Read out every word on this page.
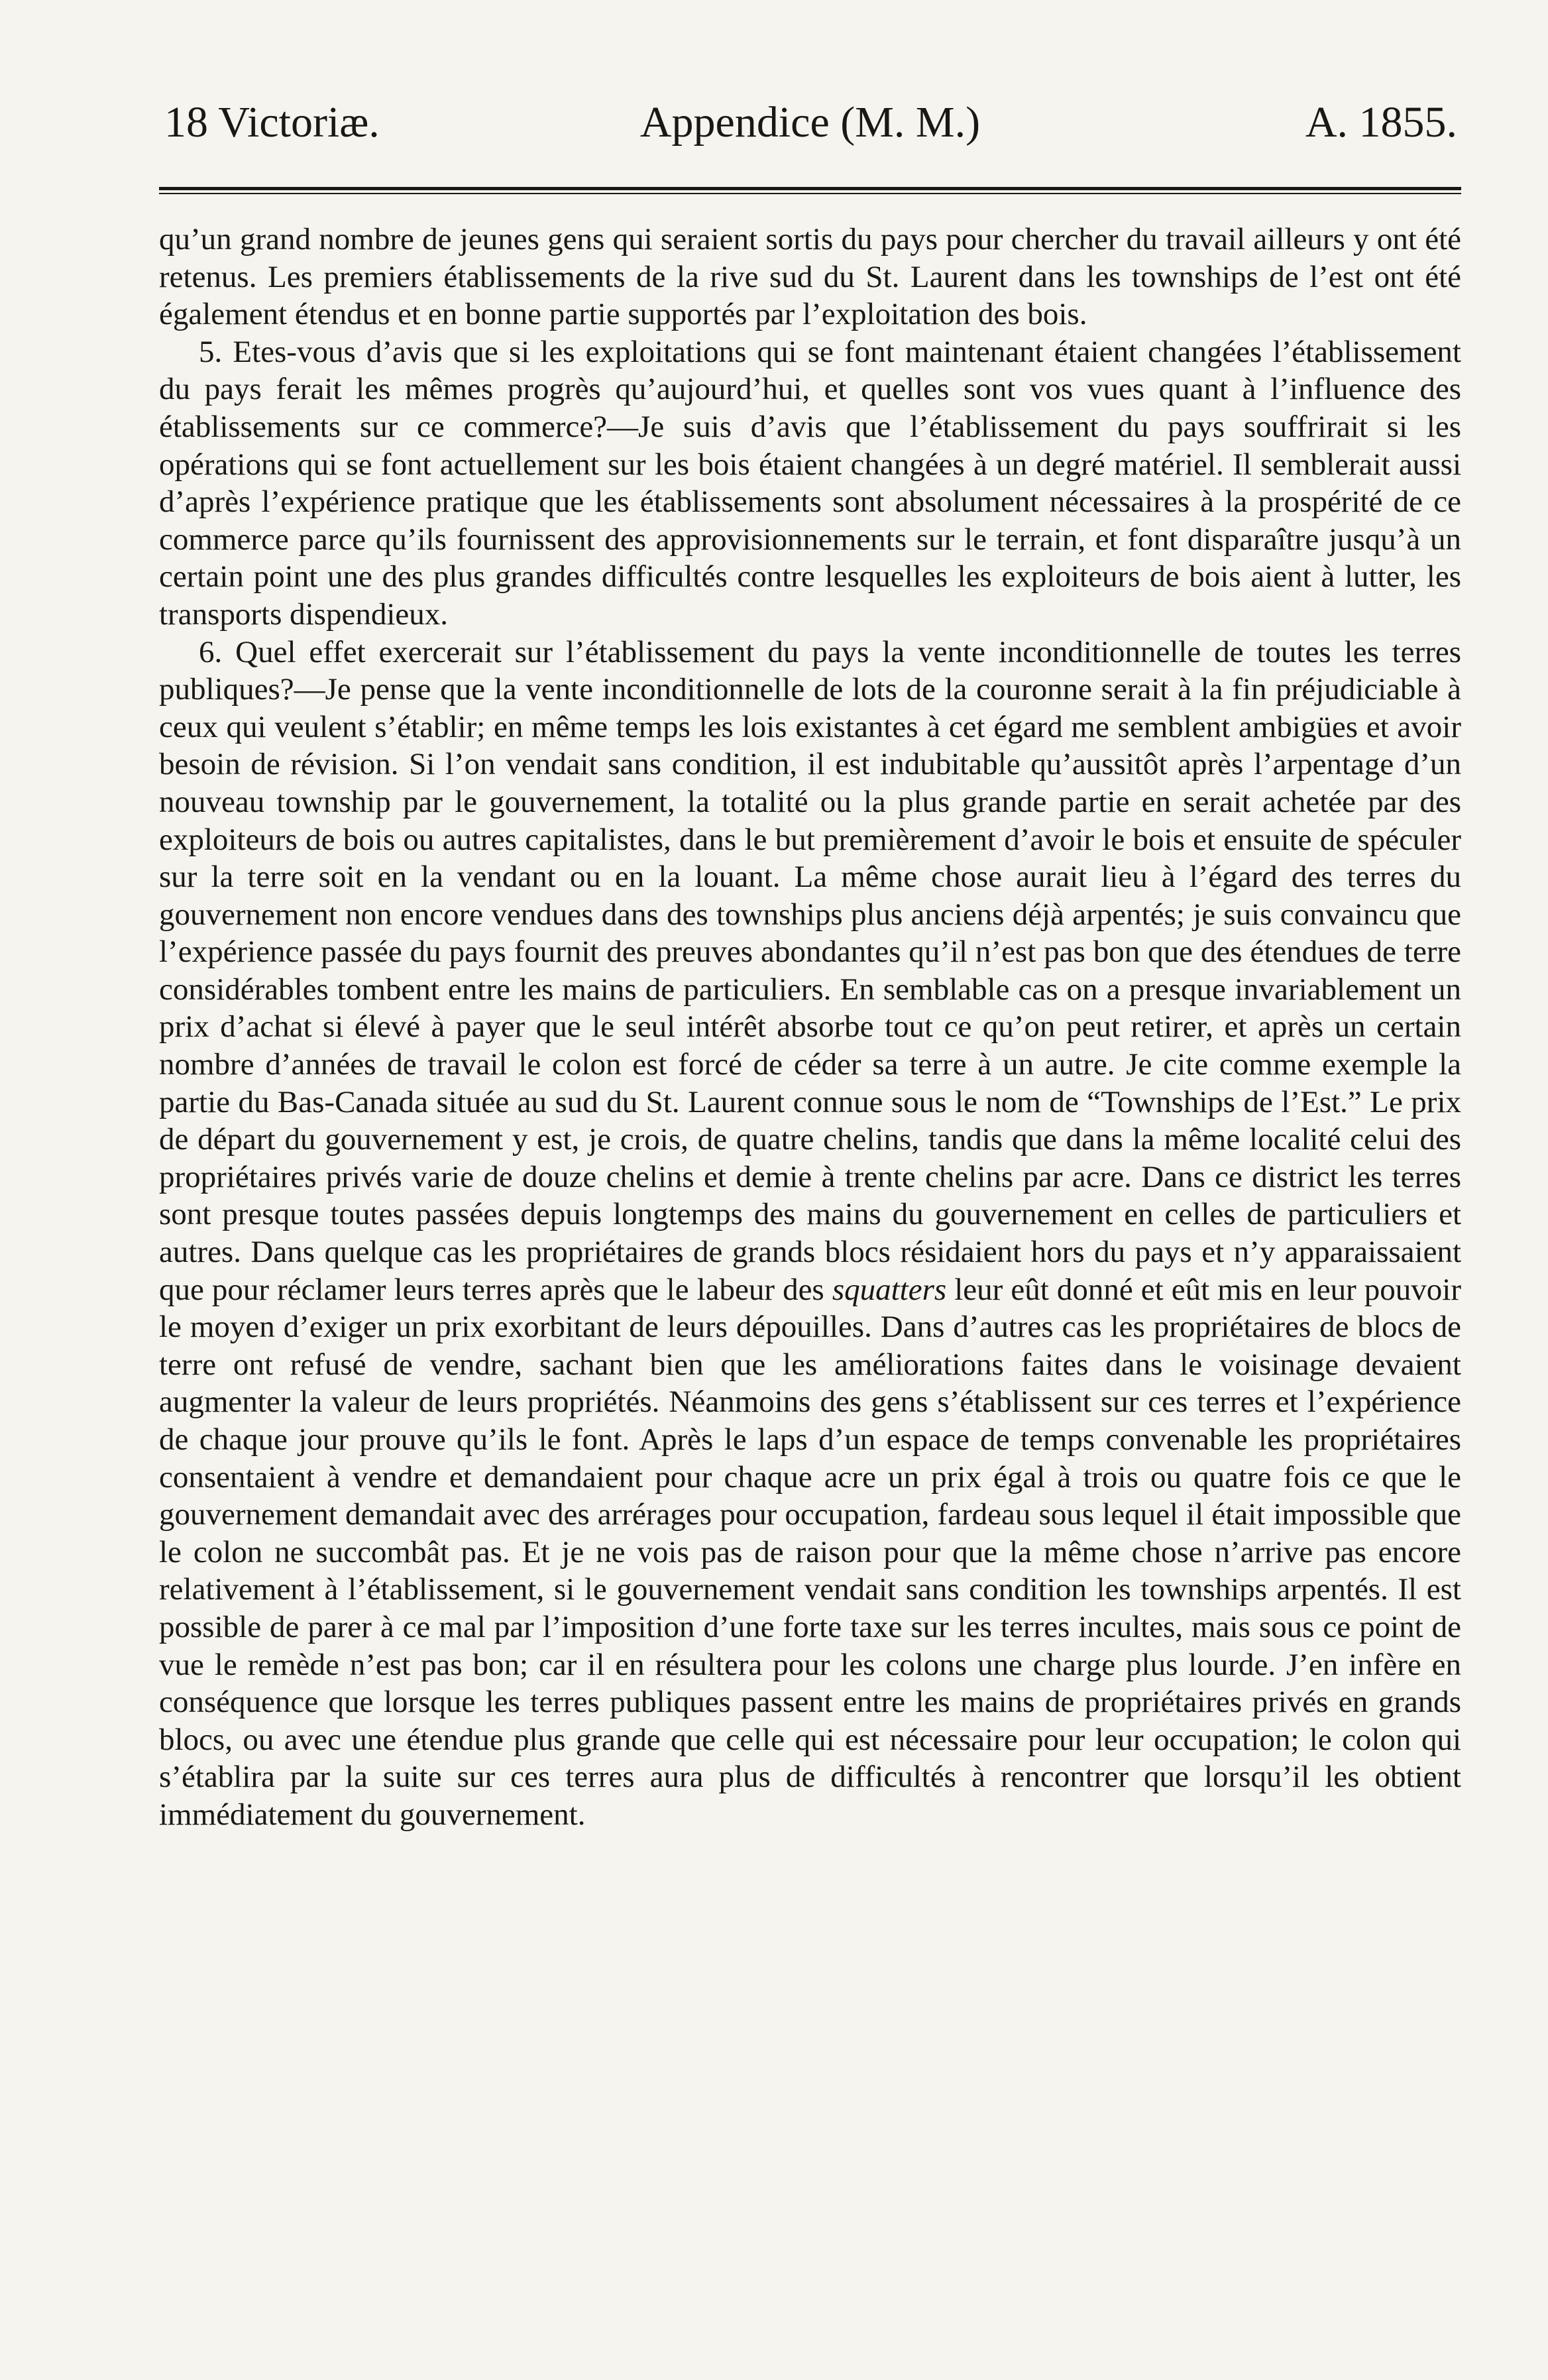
18 Victoriæ.	Appendice (M. M.)	A. 1855.

qu’un grand nombre de jeunes gens qui seraient sortis du pays pour chercher du travail ailleurs y ont été retenus. Les premiers établissements de la rive sud du St. Laurent dans les townships de l’est ont été également étendus et en bonne partie supportés par l’exploitation des bois.

5. Etes-vous d’avis que si les exploitations qui se font maintenant étaient changées l’établissement du pays ferait les mêmes progrès qu’aujourd’hui, et quelles sont vos vues quant à l’influence des établissements sur ce commerce?—Je suis d’avis que l’établissement du pays souffrirait si les opérations qui se font actuellement sur les bois étaient changées à un degré matériel. Il semblerait aussi d’après l’expérience pratique que les établissements sont absolument nécessaires à la prospérité de ce commerce parce qu’ils fournissent des approvisionnements sur le terrain, et font disparaître jusqu’à un certain point une des plus grandes difficultés contre lesquelles les exploiteurs de bois aient à lutter, les transports dispendieux.

6. Quel effet exercerait sur l’établissement du pays la vente inconditionnelle de toutes les terres publiques?—Je pense que la vente inconditionnelle de lots de la couronne serait à la fin préjudiciable à ceux qui veulent s’établir; en même temps les lois existantes à cet égard me semblent ambigües et avoir besoin de révision. Si l’on vendait sans condition, il est indubitable qu’aussitôt après l’arpentage d’un nouveau township par le gouvernement, la totalité ou la plus grande partie en serait achetée par des exploiteurs de bois ou autres capitalistes, dans le but premièrement d’avoir le bois et ensuite de spéculer sur la terre soit en la vendant ou en la louant. La même chose aurait lieu à l’égard des terres du gouvernement non encore vendues dans des townships plus anciens déjà arpentés; je suis convaincu que l’expérience passée du pays fournit des preuves abondantes qu’il n’est pas bon que des étendues de terre considérables tombent entre les mains de particuliers. En semblable cas on a presque invariablement un prix d’achat si élevé à payer que le seul intérêt absorbe tout ce qu’on peut retirer, et après un certain nombre d’années de travail le colon est forcé de céder sa terre à un autre. Je cite comme exemple la partie du Bas-Canada située au sud du St. Laurent connue sous le nom de “Townships de l’Est.” Le prix de départ du gouvernement y est, je crois, de quatre chelins, tandis que dans la même localité celui des propriétaires privés varie de douze chelins et demie à trente chelins par acre. Dans ce district les terres sont presque toutes passées depuis longtemps des mains du gouvernement en celles de particuliers et autres. Dans quelque cas les propriétaires de grands blocs résidaient hors du pays et n’y apparaissaient que pour réclamer leurs terres après que le labeur des squatters leur eût donné et eût mis en leur pouvoir le moyen d’exiger un prix exorbitant de leurs dépouilles. Dans d’autres cas les propriétaires de blocs de terre ont refusé de vendre, sachant bien que les améliorations faites dans le voisinage devaient augmenter la valeur de leurs propriétés. Néanmoins des gens s’établissent sur ces terres et l’expérience de chaque jour prouve qu’ils le font. Après le laps d’un espace de temps convenable les propriétaires consentaient à vendre et demandaient pour chaque acre un prix égal à trois ou quatre fois ce que le gouvernement demandait avec des arrérages pour occupation, fardeau sous lequel il était impossible que le colon ne succombât pas. Et je ne vois pas de raison pour que la même chose n’arrive pas encore relativement à l’établissement, si le gouvernement vendait sans condition les townships arpentés. Il est possible de parer à ce mal par l’imposition d’une forte taxe sur les terres incultes, mais sous ce point de vue le remède n’est pas bon; car il en résultera pour les colons une charge plus lourde. J’en infère en conséquence que lorsque les terres publiques passent entre les mains de propriétaires privés en grands blocs, ou avec une étendue plus grande que celle qui est nécessaire pour leur occupation; le colon qui s’établira par la suite sur ces terres aura plus de difficultés à rencontrer que lorsqu’il les obtient immédiatement du gouvernement.
